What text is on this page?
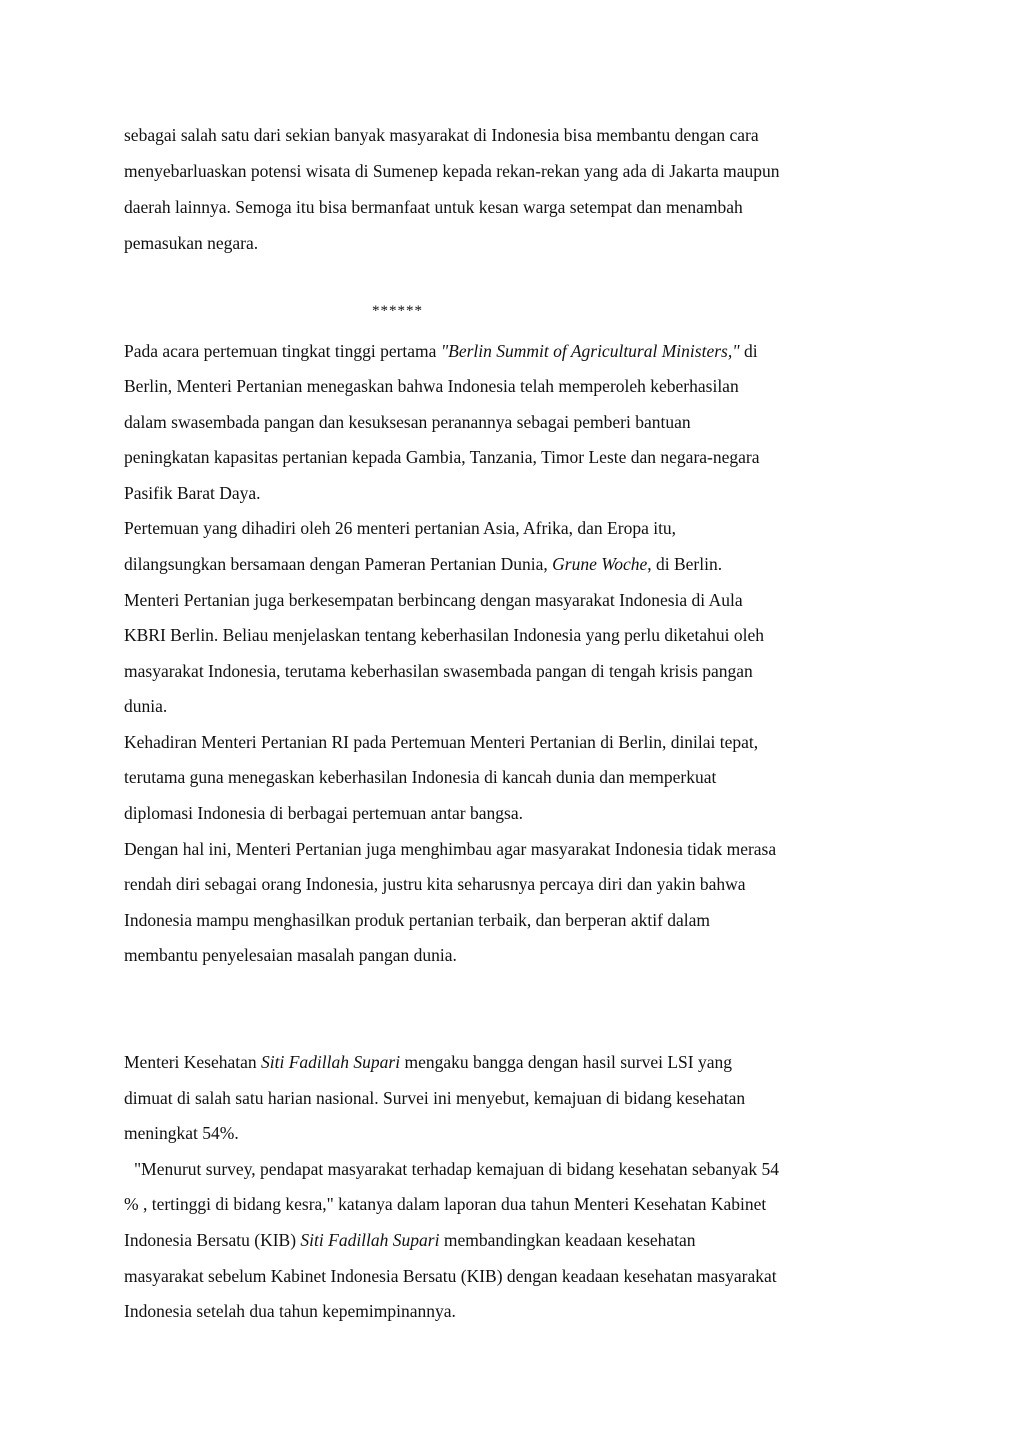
sebagai salah satu dari sekian banyak masyarakat di Indonesia bisa membantu dengan cara
menyebarluaskan potensi wisata di Sumenep kepada rekan-rekan yang ada di Jakarta maupun
daerah lainnya. Semoga itu bisa bermanfaat untuk kesan warga setempat dan menambah
pemasukan negara.
******
Pada acara pertemuan tingkat tinggi pertama "Berlin Summit of Agricultural Ministers," di
Berlin, Menteri Pertanian menegaskan bahwa Indonesia telah memperoleh keberhasilan
dalam swasembada pangan dan kesuksesan peranannya sebagai pemberi bantuan
peningkatan kapasitas pertanian kepada Gambia, Tanzania, Timor Leste dan negara-negara
Pasifik Barat Daya.
Pertemuan yang dihadiri oleh 26 menteri pertanian Asia, Afrika, dan Eropa itu,
dilangsungkan bersamaan dengan Pameran Pertanian Dunia, Grune Woche, di Berlin.
Menteri Pertanian juga berkesempatan berbincang dengan masyarakat Indonesia di Aula
KBRI Berlin. Beliau menjelaskan tentang keberhasilan Indonesia yang perlu diketahui oleh
masyarakat Indonesia, terutama keberhasilan swasembada pangan di tengah krisis pangan
dunia.
Kehadiran Menteri Pertanian RI pada Pertemuan Menteri Pertanian di Berlin, dinilai tepat,
terutama guna menegaskan keberhasilan Indonesia di kancah dunia dan memperkuat
diplomasi Indonesia di berbagai pertemuan antar bangsa.
Dengan hal ini, Menteri Pertanian juga menghimbau agar masyarakat Indonesia tidak merasa
rendah diri sebagai orang Indonesia, justru kita seharusnya percaya diri dan yakin bahwa
Indonesia mampu menghasilkan produk pertanian terbaik, dan berperan aktif dalam
membantu penyelesaian masalah pangan dunia.
Menteri Kesehatan Siti Fadillah Supari mengaku bangga dengan hasil survei LSI yang
dimuat di salah satu harian nasional. Survei ini menyebut, kemajuan di bidang kesehatan
meningkat 54%.
"Menurut survey, pendapat masyarakat terhadap kemajuan di bidang kesehatan sebanyak 54
% , tertinggi di bidang kesra," katanya dalam laporan dua tahun Menteri Kesehatan Kabinet
Indonesia Bersatu (KIB) Siti Fadillah Supari membandingkan keadaan kesehatan
masyarakat sebelum Kabinet Indonesia Bersatu (KIB) dengan keadaan kesehatan masyarakat
Indonesia setelah dua tahun kepemimpinannya.
